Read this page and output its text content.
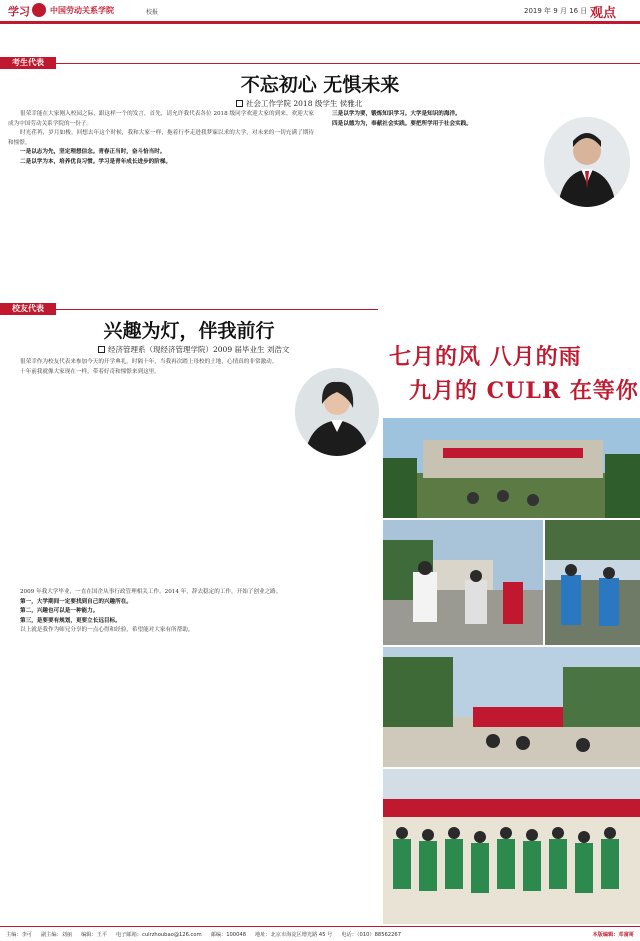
学习	中国劳动关系学院	校报	2019 年 9 月 16 日 观点
考生代表
不忘初心 无惧未来
社会工作学院 2018 级学生 侯雅北

很荣幸能在大家刚入校园之际，跟这样一个的发言，首先，请允许我代表各位 2018 级同学欢迎大家的到来。欢迎大家成为中国劳动关系学院的一份子。

时光荏苒，岁月如梭。回想去年这个时候，我和大家一样，拖着行李走进我梦寐以求的大学，对未来的一切充满了期待和憧憬。

一是以志为先，坚定理想信念。青春正当时，奋斗恰当时。

二是以学为本，培养优良习惯。学习是青年成长进步的阶梯。

三是以学为要，锻炼知识学习。大学是知识的海洋。

四是以德为为，奉献社会实践。要把所学用于社会实践。

校友代表
兴趣为灯，伴我前行
经济管理系（现经济管理学院）2009 届毕业生 刘浩文

很荣幸作为校友代表来参加今天的开学典礼。时隔十年，当我再次踏上母校的土地，心情真的非常激动。

十年前我就像大家现在一样，带着好奇和憧憬来到这里。

2009 年我大学毕业，一直在国企从事行政管理相关工作。2014 年，辞去稳定的工作，开始了创业之路。

第一，大学期间一定要找到自己的兴趣所在。

第二，兴趣也可以是一种能力。

第三，是要要有规划，更要立长远目标。

以上就是我作为师兄分享的一点心得和经验，希望能对大家有所帮助。

七月的风 八月的雨
九月的 CULR 在等你
主编：李可 副主编：刘丽 编辑：王平 电子邮箱：culrzhoubao@126.com 邮编：100048 地址：北京市海淀区增光路 45 号 电话：（010）88562267	本版编辑：邓富哥
